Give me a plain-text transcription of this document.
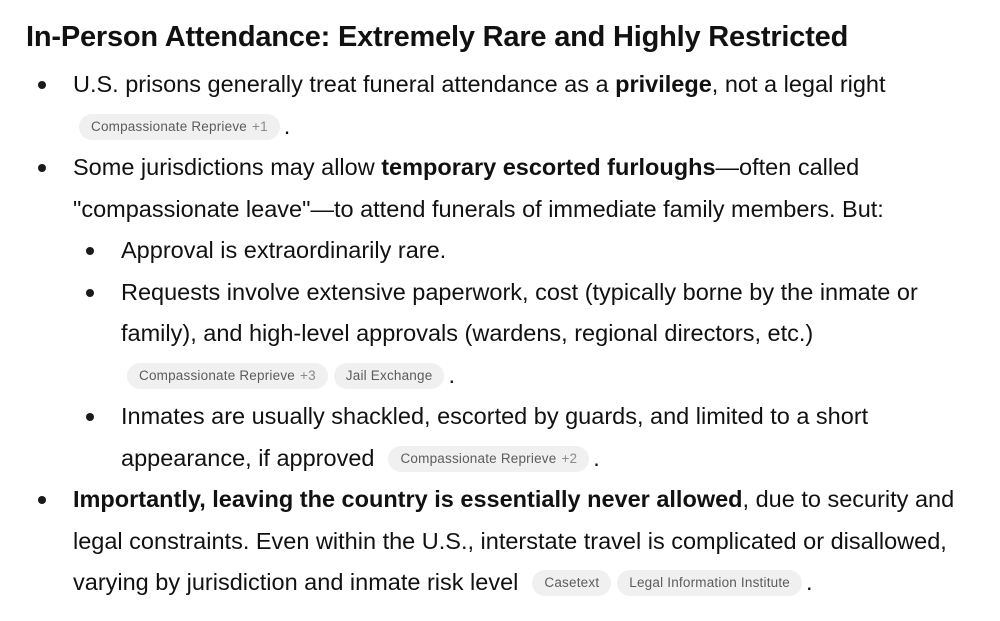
In-Person Attendance: Extremely Rare and Highly Restricted
U.S. prisons generally treat funeral attendance as a privilege, not a legal right
Compassionate Reprieve +1 .
Some jurisdictions may allow temporary escorted furloughs—often called
"compassionate leave"—to attend funerals of immediate family members. But:
Approval is extraordinarily rare.
Requests involve extensive paperwork, cost (typically borne by the inmate or
family), and high-level approvals (wardens, regional directors, etc.)
Compassionate Reprieve +3 Jail Exchange .
Inmates are usually shackled, escorted by guards, and limited to a short
appearance, if approved Compassionate Reprieve +2 .
Importantly, leaving the country is essentially never allowed, due to security and
legal constraints. Even within the U.S., interstate travel is complicated or disallowed,
varying by jurisdiction and inmate risk level Casetext Legal Information Institute .
